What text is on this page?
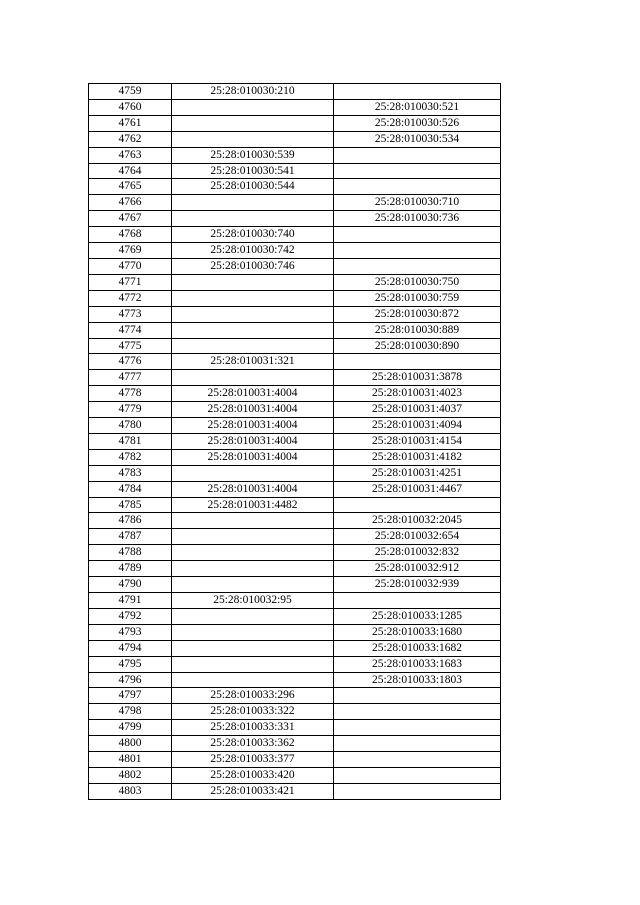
4759	25:28:010030:210	
4760		25:28:010030:521
4761		25:28:010030:526
4762		25:28:010030:534
4763	25:28:010030:539	
4764	25:28:010030:541	
4765	25:28:010030:544	
4766		25:28:010030:710
4767		25:28:010030:736
4768	25:28:010030:740	
4769	25:28:010030:742	
4770	25:28:010030:746	
4771		25:28:010030:750
4772		25:28:010030:759
4773		25:28:010030:872
4774		25:28:010030:889
4775		25:28:010030:890
4776	25:28:010031:321	
4777		25:28:010031:3878
4778	25:28:010031:4004	25:28:010031:4023
4779	25:28:010031:4004	25:28:010031:4037
4780	25:28:010031:4004	25:28:010031:4094
4781	25:28:010031:4004	25:28:010031:4154
4782	25:28:010031:4004	25:28:010031:4182
4783		25:28:010031:4251
4784	25:28:010031:4004	25:28:010031:4467
4785	25:28:010031:4482	
4786		25:28:010032:2045
4787		25:28:010032:654
4788		25:28:010032:832
4789		25:28:010032:912
4790		25:28:010032:939
4791	25:28:010032:95	
4792		25:28:010033:1285
4793		25:28:010033:1680
4794		25:28:010033:1682
4795		25:28:010033:1683
4796		25:28:010033:1803
4797	25:28:010033:296	
4798	25:28:010033:322	
4799	25:28:010033:331	
4800	25:28:010033:362	
4801	25:28:010033:377	
4802	25:28:010033:420	
4803	25:28:010033:421	
